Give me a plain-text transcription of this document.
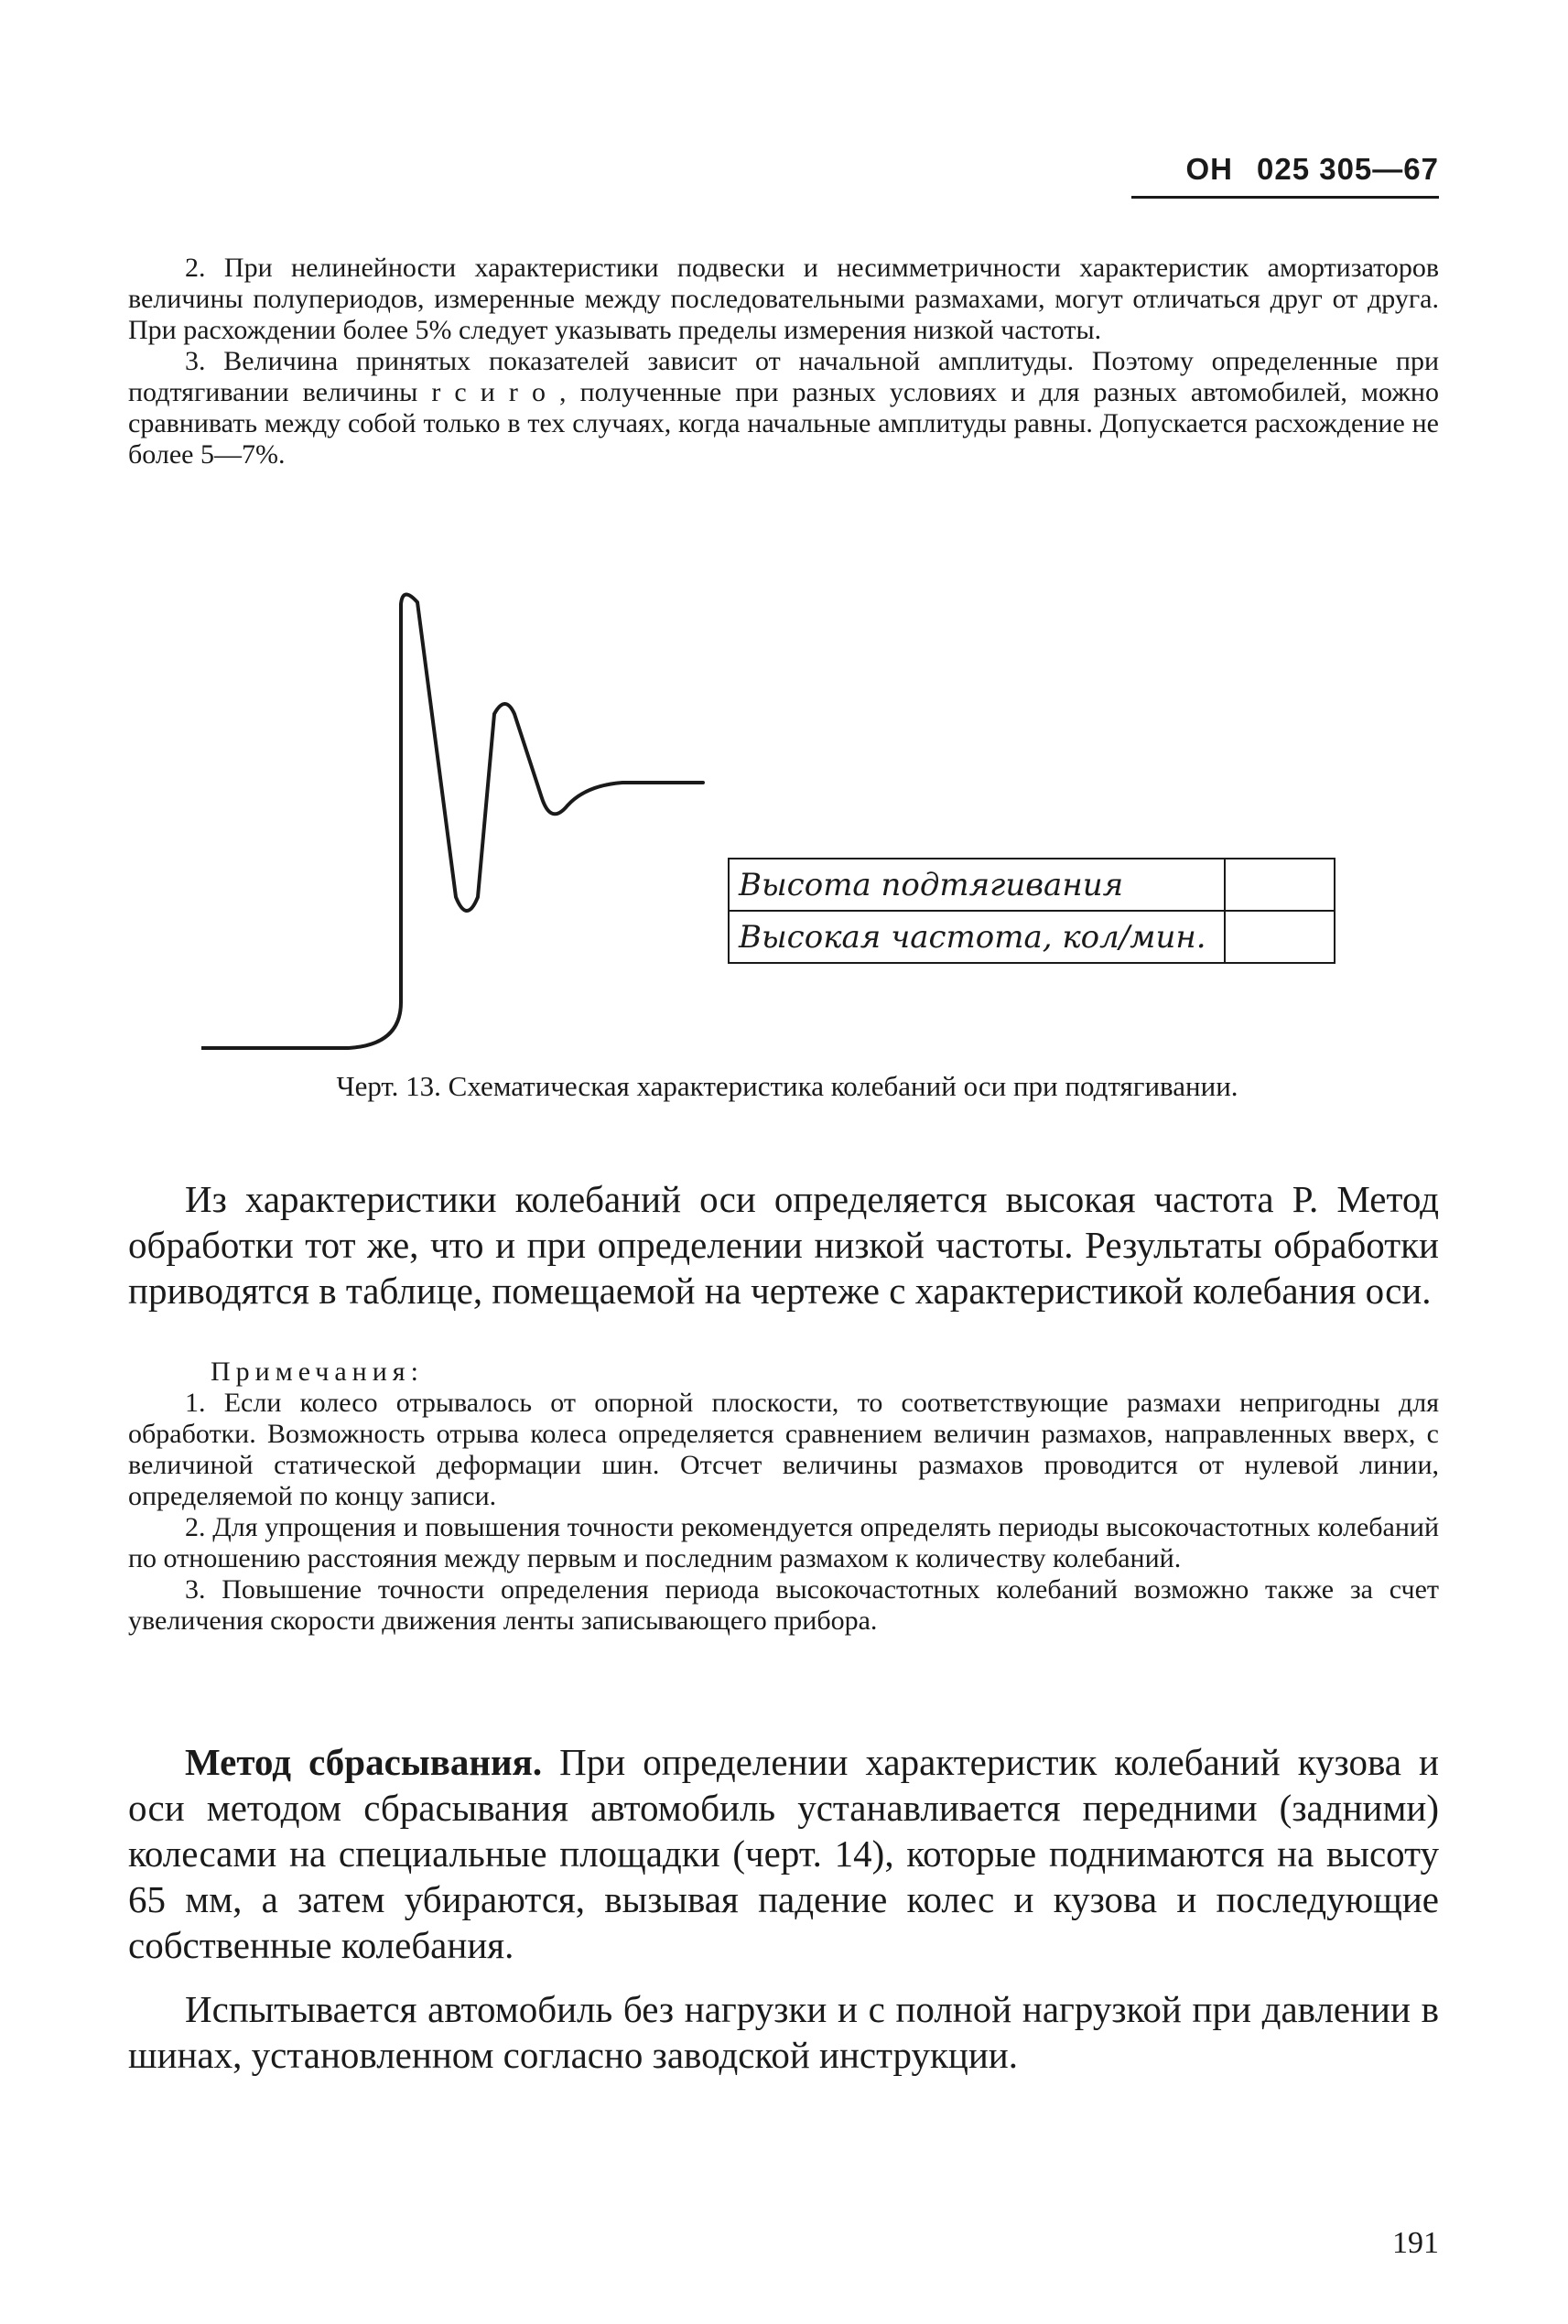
ОН 025 305—67

2. При нелинейности характеристики подвески и несимметричности характеристик амортизаторов величины полупериодов, измеренные между последовательными размахами, могут отличаться друг от друга. При расхождении более 5% следует указывать пределы измерения низкой частоты.

3. Величина принятых показателей зависит от начальной амплитуды. Поэтому определенные при подтягивании величины r с и r о , полученные при разных условиях и для разных автомобилей, можно сравнивать между собой только в тех случаях, когда начальные амплитуды равны. Допускается расхождение не более 5—7%.

Высота подтягивания	
Высокая частота, кол/мин.	
Черт. 13. Схематическая характеристика колебаний оси при подтягивании.

Из характеристики колебаний оси определяется высокая частота P. Метод обработки тот же, что и при определении низкой частоты. Результаты обработки приводятся в таблице, помещаемой на чертеже с характеристикой колебания оси.

Примечания:

1. Если колесо отрывалось от опорной плоскости, то соответствующие размахи непригодны для обработки. Возможность отрыва колеса определяется сравнением величин размахов, направленных вверх, с величиной статической деформации шин. Отсчет величины размахов проводится от нулевой линии, определяемой по концу записи.

2. Для упрощения и повышения точности рекомендуется определять периоды высокочастотных колебаний по отношению расстояния между первым и последним размахом к количеству колебаний.

3. Повышение точности определения периода высокочастотных колебаний возможно также за счет увеличения скорости движения ленты записывающего прибора.

Метод сбрасывания. При определении характеристик колебаний кузова и оси методом сбрасывания автомобиль устанавливается передними (задними) колесами на специальные площадки (черт. 14), которые поднимаются на высоту 65 мм, а затем убираются, вызывая падение колес и кузова и последующие собственные колебания.

Испытывается автомобиль без нагрузки и с полной нагрузкой при давлении в шинах, установленном согласно заводской инструкции.

191
